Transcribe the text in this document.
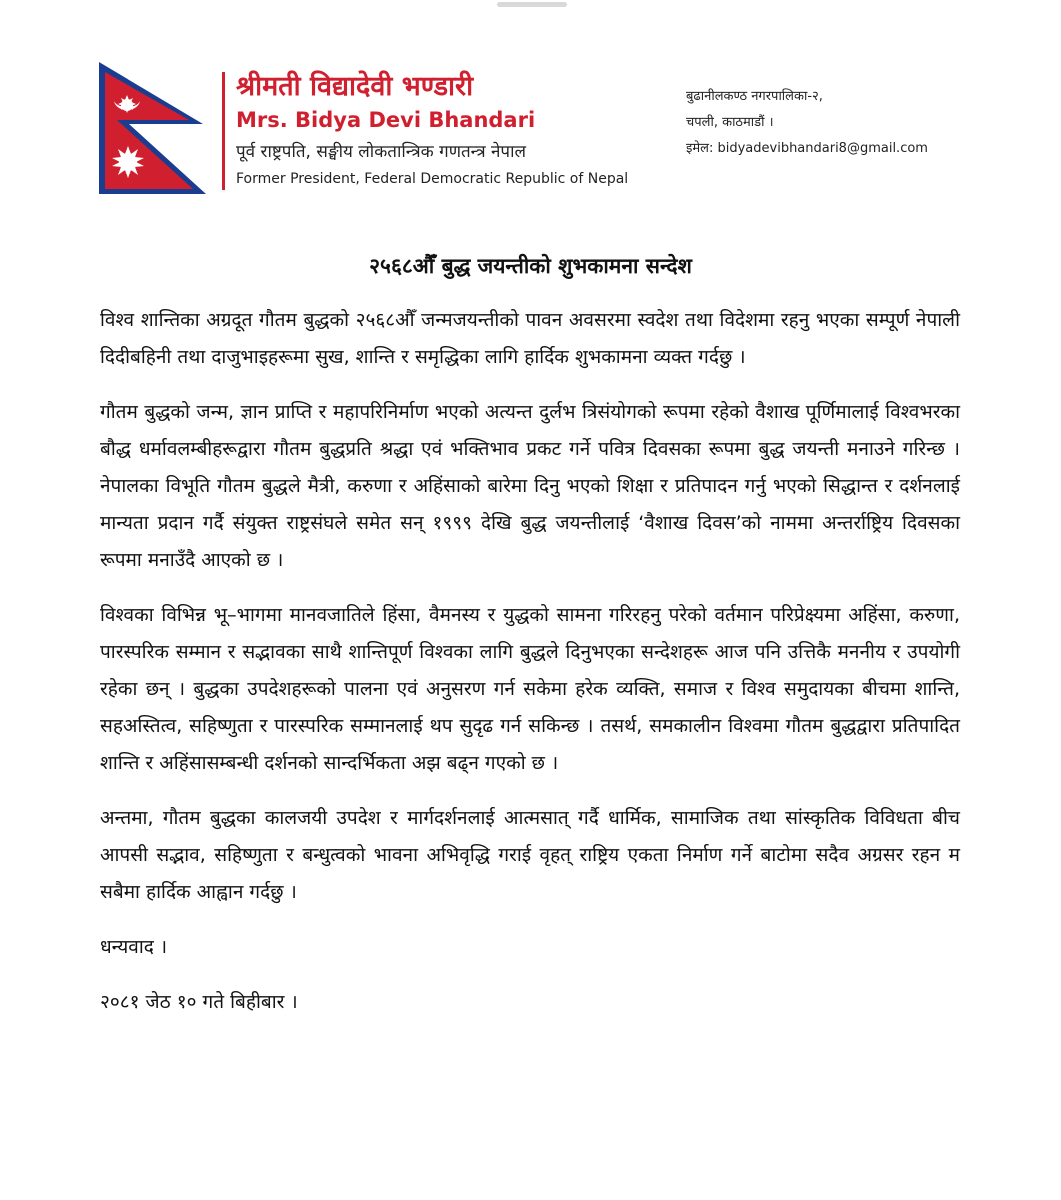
श्रीमती विद्यादेवी भण्डारी

Mrs. Bidya Devi Bhandari

पूर्व राष्ट्रपति, सङ्घीय लोकतान्त्रिक गणतन्त्र नेपाल

Former President, Federal Democratic Republic of Nepal

बुढानीलकण्ठ नगरपालिका-२,
चपली, काठमाडौं ।
इमेल: bidyadevibhandari8@gmail.com
२५६८औँ बुद्ध जयन्तीको शुभकामना सन्देश

विश्व शान्तिका अग्रदूत गौतम बुद्धको २५६८औँ जन्मजयन्तीको पावन अवसरमा स्वदेश तथा विदेशमा रहनु भएका सम्पूर्ण नेपाली दिदीबहिनी तथा दाजुभाइहरूमा सुख, शान्ति र समृद्धिका लागि हार्दिक शुभकामना व्यक्त गर्दछु ।

गौतम बुद्धको जन्म, ज्ञान प्राप्ति र महापरिनिर्माण भएको अत्यन्त दुर्लभ त्रिसंयोगको रूपमा रहेको वैशाख पूर्णिमालाई विश्वभरका बौद्ध धर्मावलम्बीहरूद्वारा गौतम बुद्धप्रति श्रद्धा एवं भक्तिभाव प्रकट गर्ने पवित्र दिवसका रूपमा बुद्ध जयन्ती मनाउने गरिन्छ । नेपालका विभूति गौतम बुद्धले मैत्री, करुणा र अहिंसाको बारेमा दिनु भएको शिक्षा र प्रतिपादन गर्नु भएको सिद्धान्त र दर्शनलाई मान्यता प्रदान गर्दै संयुक्त राष्ट्रसंघले समेत सन् १९९९ देखि बुद्ध जयन्तीलाई ‘वैशाख दिवस’को नाममा अन्तर्राष्ट्रिय दिवसका रूपमा मनाउँदै आएको छ ।

विश्वका विभिन्न भू–भागमा मानवजातिले हिंसा, वैमनस्य र युद्धको सामना गरिरहनु परेको वर्तमान परिप्रेक्ष्यमा अहिंसा, करुणा, पारस्परिक सम्मान र सद्भावका साथै शान्तिपूर्ण विश्वका लागि बुद्धले दिनुभएका सन्देशहरू आज पनि उत्तिकै मननीय र उपयोगी रहेका छन् । बुद्धका उपदेशहरूको पालना एवं अनुसरण गर्न सकेमा हरेक व्यक्ति, समाज र विश्व समुदायका बीचमा शान्ति, सहअस्तित्व, सहिष्णुता र पारस्परिक सम्मानलाई थप सुदृढ गर्न सकिन्छ । तसर्थ, समकालीन विश्वमा गौतम बुद्धद्वारा प्रतिपादित शान्ति र अहिंसासम्बन्धी दर्शनको सान्दर्भिकता अझ बढ्न गएको छ ।

अन्तमा, गौतम बुद्धका कालजयी उपदेश र मार्गदर्शनलाई आत्मसात् गर्दै धार्मिक, सामाजिक तथा सांस्कृतिक विविधता बीच आपसी सद्भाव, सहिष्णुता र बन्धुत्वको भावना अभिवृद्धि गराई वृहत् राष्ट्रिय एकता निर्माण गर्ने बाटोमा सदैव अग्रसर रहन म सबैमा हार्दिक आह्वान गर्दछु ।

धन्यवाद ।

२०८१ जेठ १० गते बिहीबार ।
